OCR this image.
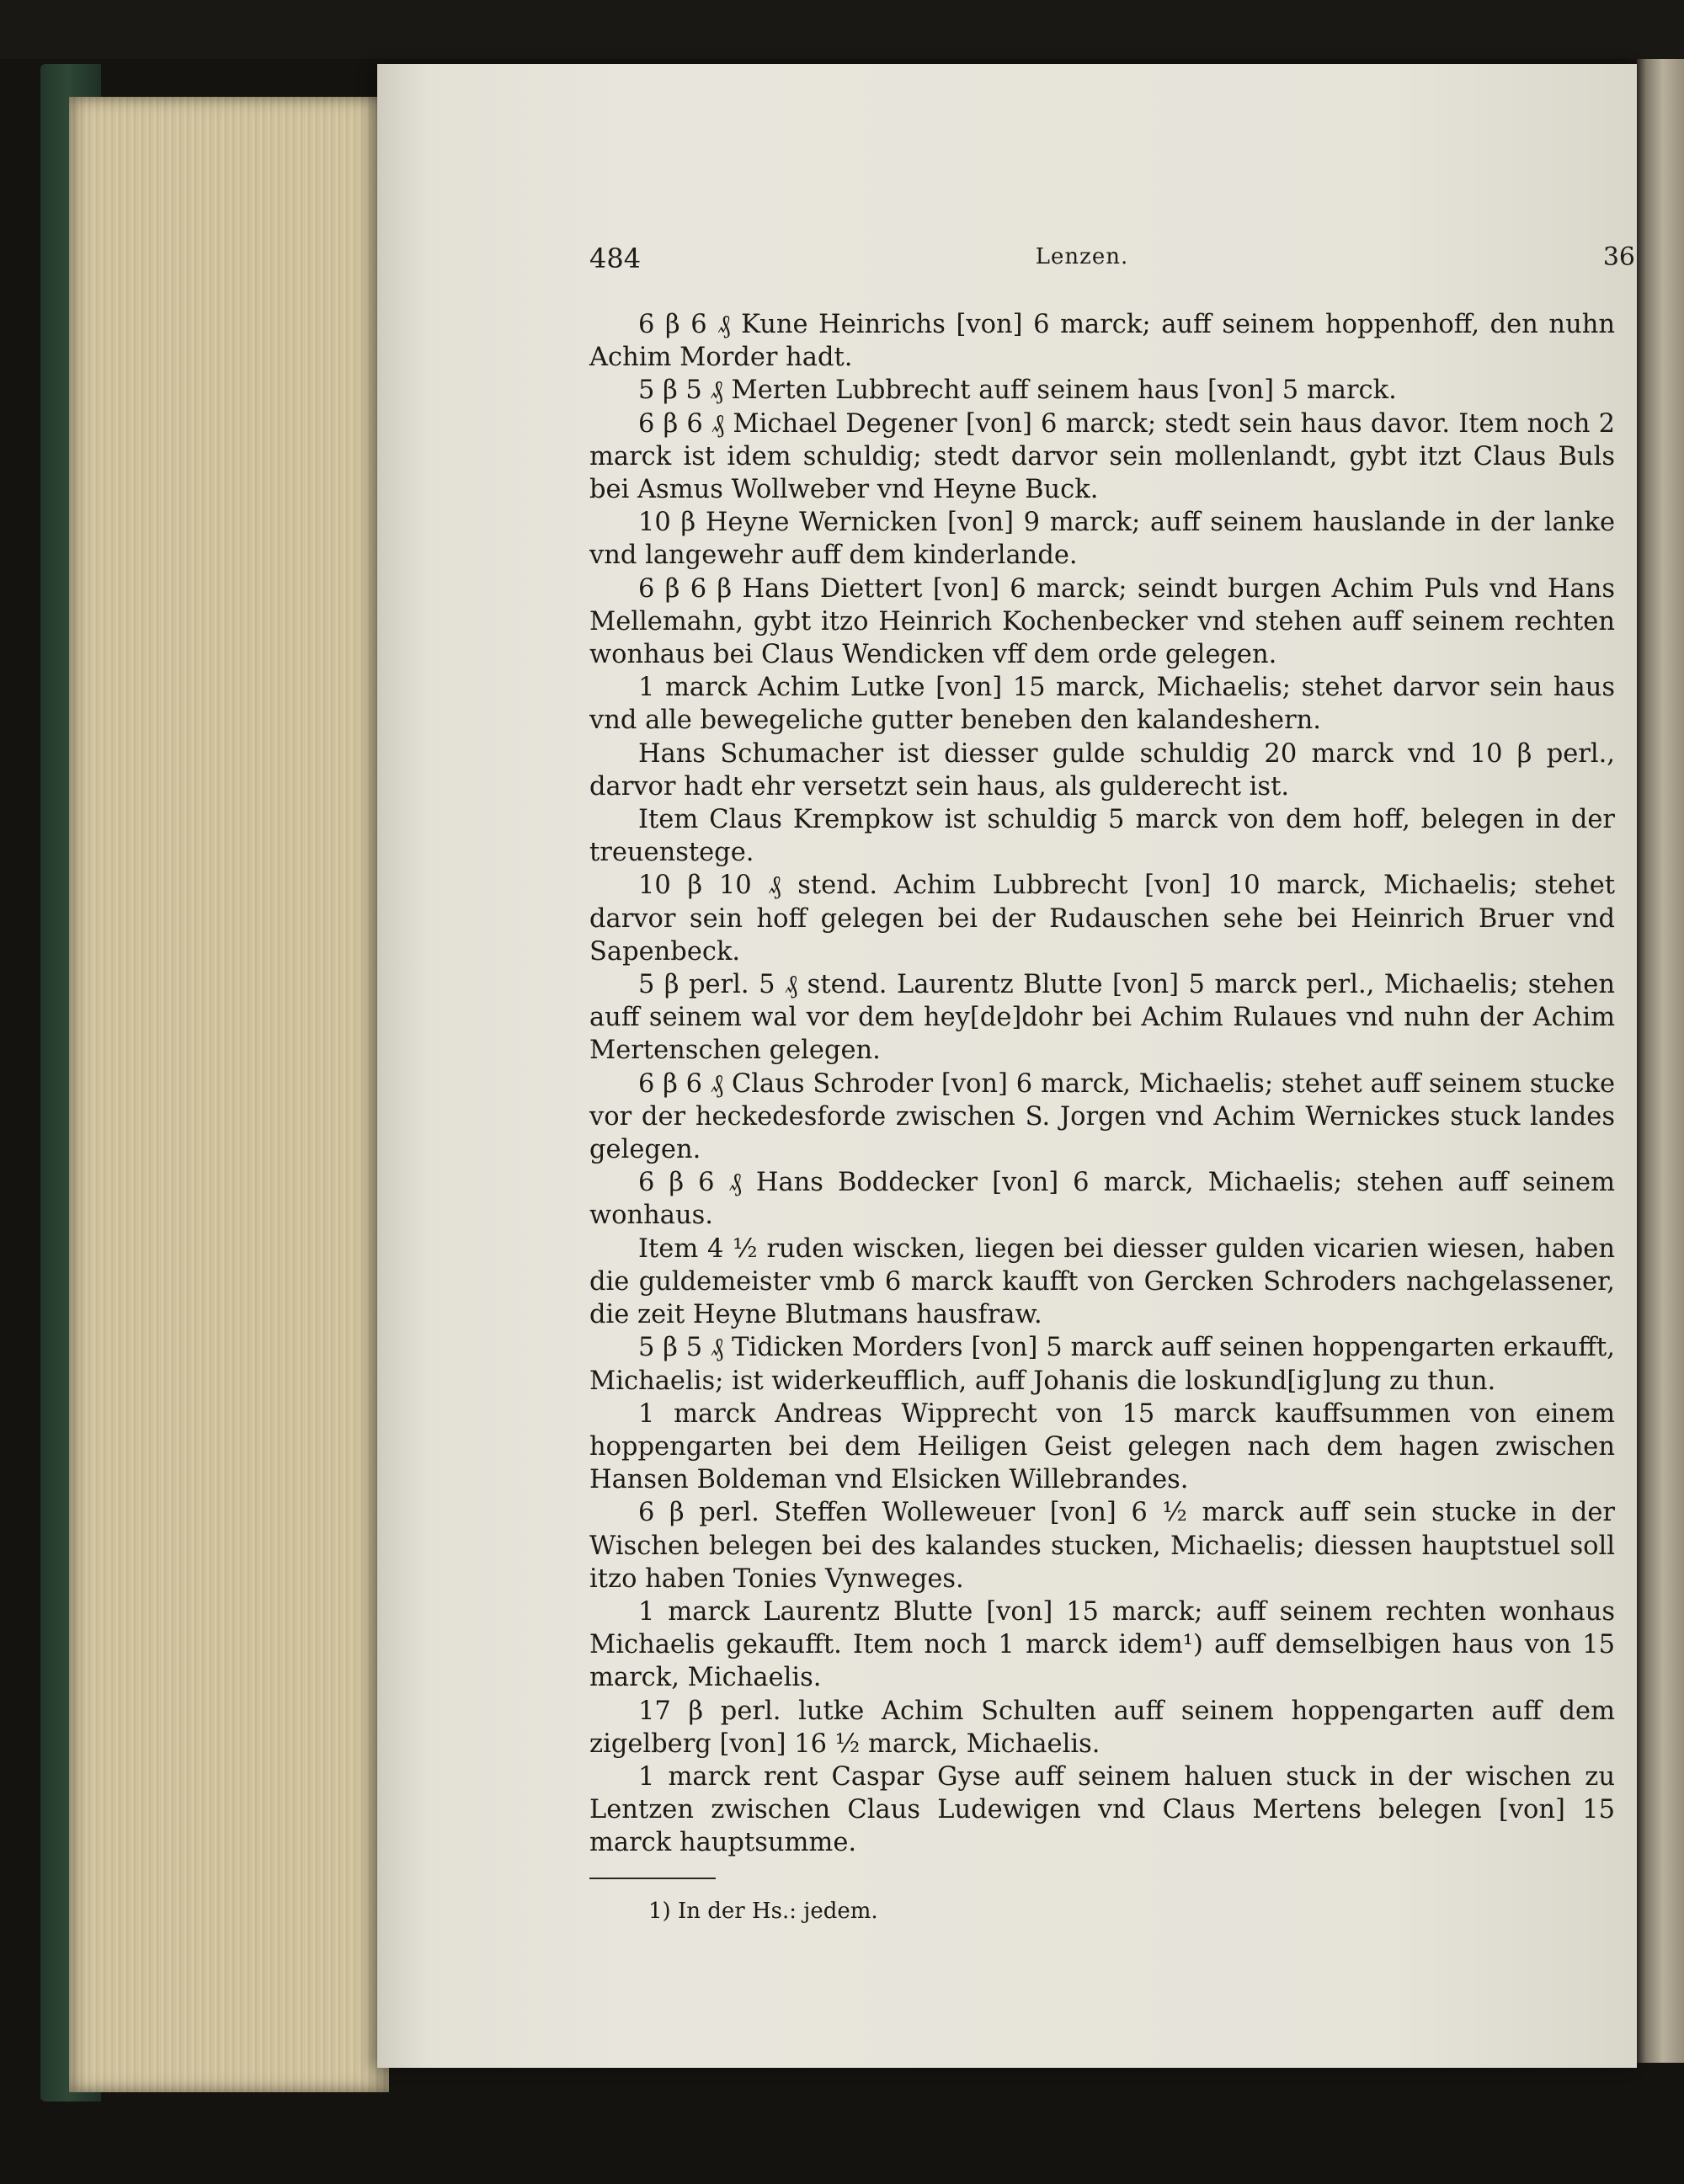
484	Lenzen.	36

6 β 6 ₰ Kune Heinrichs [von] 6 marck; auff seinem hoppenhoff, den nuhn Achim Morder hadt.

5 β 5 ₰ Merten Lubbrecht auff seinem haus [von] 5 marck.

6 β 6 ₰ Michael Degener [von] 6 marck; stedt sein haus davor. Item noch 2 marck ist idem schuldig; stedt darvor sein mollenlandt, gybt itzt Claus Buls bei Asmus Wollweber vnd Heyne Buck.

10 β Heyne Wernicken [von] 9 marck; auff seinem hauslande in der lanke vnd langewehr auff dem kinderlande.

6 β 6 β Hans Diettert [von] 6 marck; seindt burgen Achim Puls vnd Hans Mellemahn, gybt itzo Heinrich Kochenbecker vnd stehen auff seinem rechten wonhaus bei Claus Wendicken vff dem orde gelegen.

1 marck Achim Lutke [von] 15 marck, Michaelis; stehet darvor sein haus vnd alle bewegeliche gutter beneben den kalandeshern.

Hans Schumacher ist diesser gulde schuldig 20 marck vnd 10 β perl., darvor hadt ehr versetzt sein haus, als gulderecht ist.

Item Claus Krempkow ist schuldig 5 marck von dem hoff, belegen in der treuenstege.

10 β 10 ₰ stend. Achim Lubbrecht [von] 10 marck, Michaelis; stehet darvor sein hoff gelegen bei der Rudauschen sehe bei Heinrich Bruer vnd Sapenbeck.

5 β perl. 5 ₰ stend. Laurentz Blutte [von] 5 marck perl., Michaelis; stehen auff seinem wal vor dem hey[de]dohr bei Achim Rulaues vnd nuhn der Achim Mertenschen gelegen.

6 β 6 ₰ Claus Schroder [von] 6 marck, Michaelis; stehet auff seinem stucke vor der heckedesforde zwischen S. Jorgen vnd Achim Wernickes stuck landes gelegen.

6 β 6 ₰ Hans Boddecker [von] 6 marck, Michaelis; stehen auff seinem wonhaus.

Item 4 ½ ruden wiscken, liegen bei diesser gulden vicarien wiesen, haben die guldemeister vmb 6 marck kaufft von Gercken Schroders nachgelassener, die zeit Heyne Blutmans hausfraw.

5 β 5 ₰ Tidicken Morders [von] 5 marck auff seinen hoppengarten erkaufft, Michaelis; ist widerkeufflich, auff Johanis die loskund[ig]ung zu thun.

1 marck Andreas Wipprecht von 15 marck kauffsummen von einem hoppengarten bei dem Heiligen Geist gelegen nach dem hagen zwischen Hansen Boldeman vnd Elsicken Willebrandes.

6 β perl. Steffen Wolleweuer [von] 6 ½ marck auff sein stucke in der Wischen belegen bei des kalandes stucken, Michaelis; diessen hauptstuel soll itzo haben Tonies Vynweges.

1 marck Laurentz Blutte [von] 15 marck; auff seinem rechten wonhaus Michaelis gekaufft. Item noch 1 marck idem¹) auff demselbigen haus von 15 marck, Michaelis.

17 β perl. lutke Achim Schulten auff seinem hoppengarten auff dem zigelberg [von] 16 ½ marck, Michaelis.

1 marck rent Caspar Gyse auff seinem haluen stuck in der wischen zu Lentzen zwischen Claus Ludewigen vnd Claus Mertens belegen [von] 15 marck hauptsumme.

1) In der Hs.: jedem.
